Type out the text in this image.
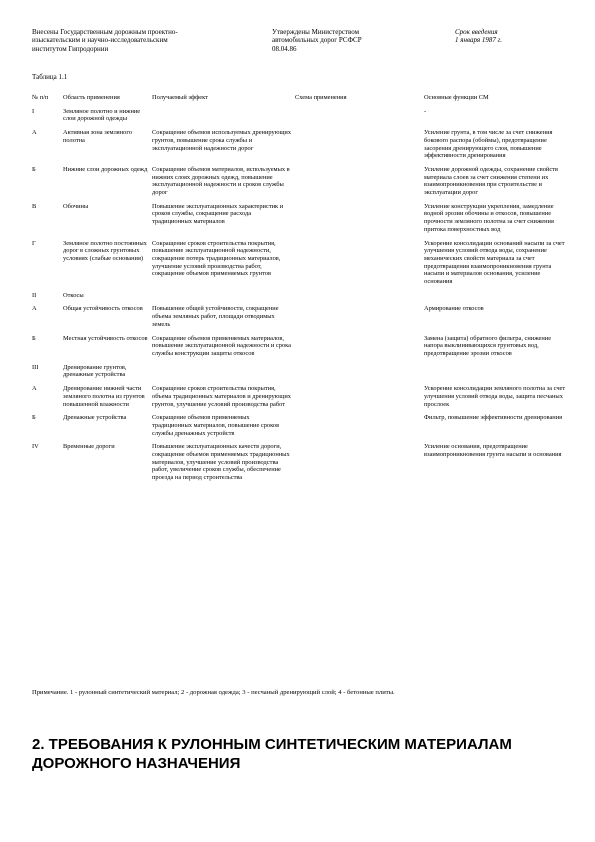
Внесены Государственным дорожным проектно-
изыскательским и научно-исследовательским
институтом Гипродорнии
Утверждены Министерством
автомобильных дорог РСФСР
08.04.86
Срок введения
1 января 1987 г.
Таблица 1.1
№ п/п	Область применения	Получаемый эффект	Схема применения	Основные функции СМ
I	Земляное полотно и нижние слои дорожной одежды			-
А	Активная зона земляного полотна	Сокращение объемов используемых дренирующих грунтов, повышение срока службы и эксплуатационной надежности дорог		Усиление грунта, в том числе за счет снижения бокового распора (обоймы), предотвращение засорения дренирующего слоя, повышение эффективности дренирования
Б	Нижние слои дорожных одежд	Сокращение объемов материалов, используемых в нижних слоях дорожных одежд, повышение эксплуатационной надежности и сроков службы дорог		Усиление дорожной одежды, сохранение свойств материала слоев за счет снижения степени их взаимопроникновения при строительстве и эксплуатации дорог
В	Обочины	Повышение эксплуатационных характеристик и сроков службы, сокращение расхода традиционных материалов		Усиление конструкции укрепления, замедление водной эрозии обочины и откосов, повышение прочности земляного полотна за счет снижения притока поверхностных вод
Г	Земляное полотно постоянных дорог в сложных грунтовых условиях (слабые основания)	Сокращение сроков строительства покрытия, повышение эксплуатационной надежности, сокращение потерь традиционных материалов, улучшение условий производства работ, сокращение объемов применяемых грунтов		Ускорение консолидации оснований насыпи за счет улучшения условий отвода воды, сохранение механических свойств материала за счет предотвращения взаимопроникновения грунта насыпи и материалов основания, усиление основания
II	Откосы			
А	Общая устойчивость откосов	Повышение общей устойчивости, сокращение объема земляных работ, площади отводимых земель		Армирование откосов
Б	Местная устойчивость откосов	Сокращение объемов применяемых материалов, повышение эксплуатационной надежности и срока службы конструкции защиты откосов		Замена (защита) обратного фильтра, снижение напора выклинивающихся грунтовых вод, предотвращение эрозии откосов
III	Дренирование грунтов, дренажные устройства			
А	Дренирование нижней части земляного полотна из грунтов повышенной влажности	Сокращение сроков строительства покрытия, объема традиционных материалов и дренирующих грунтов, улучшение условий производства работ		Ускорение консолидации земляного полотна за счет улучшения условий отвода воды, защита песчаных прослоек
Б	Дренажные устройства	Сокращение объемов применяемых традиционных материалов, повышение сроков службы дренажных устройств		Фильтр, повышение эффективности дренирования
IV	Временные дороги	Повышение эксплуатационных качеств дороги, сокращение объемов применяемых традиционных материалов, улучшение условий производства работ, увеличение сроков службы, обеспечение проезда на период строительства		Усиление основания, предотвращение взаимопроникновения грунта насыпи и основания
Примечание. 1 - рулонный синтетический материал; 2 - дорожная одежда; 3 - песчаный дренирующий слой; 4 - бетонные плиты.
2. ТРЕБОВАНИЯ К РУЛОННЫМ СИНТЕТИЧЕСКИМ МАТЕРИАЛАМ ДОРОЖНОГО НАЗНАЧЕНИЯ
